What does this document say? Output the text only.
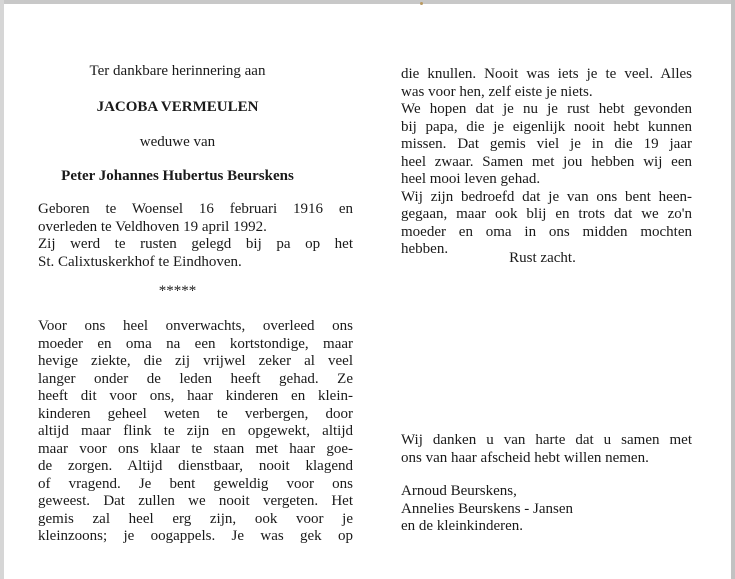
Ter dankbare herinnering aan

JACOBA VERMEULEN

weduwe van

Peter Johannes Hubertus Beurskens

Geboren te Woensel 16 februari 1916 en
overleden te Veldhoven 19 april 1992.
Zij werd te rusten gelegd bij pa op het
St. Calixtuskerkhof te Eindhoven.

*****

Voor ons heel onverwachts, overleed ons
moeder en oma na een kortstondige, maar
hevige ziekte, die zij vrijwel zeker al veel
langer onder de leden heeft gehad. Ze
heeft dit voor ons, haar kinderen en klein-
kinderen geheel weten te verbergen, door
altijd maar flink te zijn en opgewekt, altijd
maar voor ons klaar te staan met haar goe-
de zorgen. Altijd dienstbaar, nooit klagend
of vragend. Je bent geweldig voor ons
geweest. Dat zullen we nooit vergeten. Het
gemis zal heel erg zijn, ook voor je
kleinzoons; je oogappels. Je was gek op
die knullen. Nooit was iets je te veel. Alles
was voor hen, zelf eiste je niets.
We hopen dat je nu je rust hebt gevonden
bij papa, die je eigenlijk nooit hebt kunnen
missen. Dat gemis viel je in die 19 jaar
heel zwaar. Samen met jou hebben wij een
heel mooi leven gehad.
Wij zijn bedroefd dat je van ons bent heen-
gegaan, maar ook blij en trots dat we zo'n
moeder en oma in ons midden mochten
hebben.

Rust zacht.

Wij danken u van harte dat u samen met
ons van haar afscheid hebt willen nemen.
Arnoud Beurskens,
Annelies Beurskens - Jansen
en de kleinkinderen.
